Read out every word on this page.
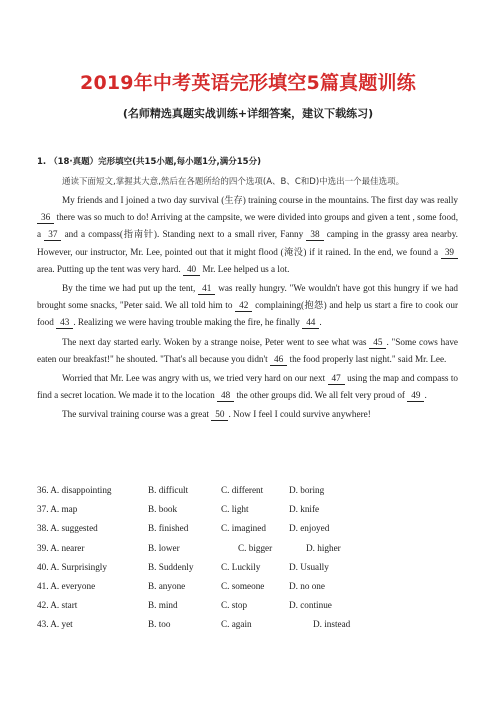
2019年中考英语完形填空5篇真题训练
(名师精选真题实战训练+详细答案，建议下载练习)
1. （18·真题）完形填空(共15小题,每小题1分,满分15分)
通读下面短文,掌握其大意,然后在各题所给的四个选项(A、B、C和D)中选出一个最佳选项。

My friends and I joined a two day survival (生存) training course in the mountains. The first day was really 36 there was so much to do! Arriving at the campsite, we were divided into groups and given a tent , some food, a 37 and a compass(指南针). Standing next to a small river, Fanny 38 camping in the grassy area nearby. However, our instructor, Mr. Lee, pointed out that it might flood (淹没) if it rained. In the end, we found a 39 area. Putting up the tent was very hard. 40 Mr. Lee helped us a lot.

By the time we had put up the tent, 41 was really hungry. "We wouldn't have got this hungry if we had brought some snacks, "Peter said. We all told him to 42 complaining(抱怨) and help us start a fire to cook our food 43 . Realizing we were having trouble making the fire, he finally 44 .

The next day started early. Woken by a strange noise, Peter went to see what was 45 . "Some cows have eaten our breakfast!" he shouted. "That's all because you didn't 46 the food properly last night." said Mr. Lee.

Worried that Mr. Lee was angry with us, we tried very hard on our next 47 using the map and compass to find a secret location. We made it to the location 48 the other groups did. We all felt very proud of 49 .

The survival training course was a great 50 . Now I feel I could survive anywhere!

36. A. disappointing	B. difficult	C. different	D. boring
37. A. map	B. book	C. light	D. knife
38. A. suggested	B. finished	C. imagined	D. enjoyed
39. A. nearer	B. lower	C. bigger	D. higher
40. A. Surprisingly	B. Suddenly	C. Luckily	D. Usually
41. A. everyone	B. anyone	C. someone	D. no one
42. A. start	B. mind	C. stop	D. continue
43. A. yet	B. too	C. again	D. instead
